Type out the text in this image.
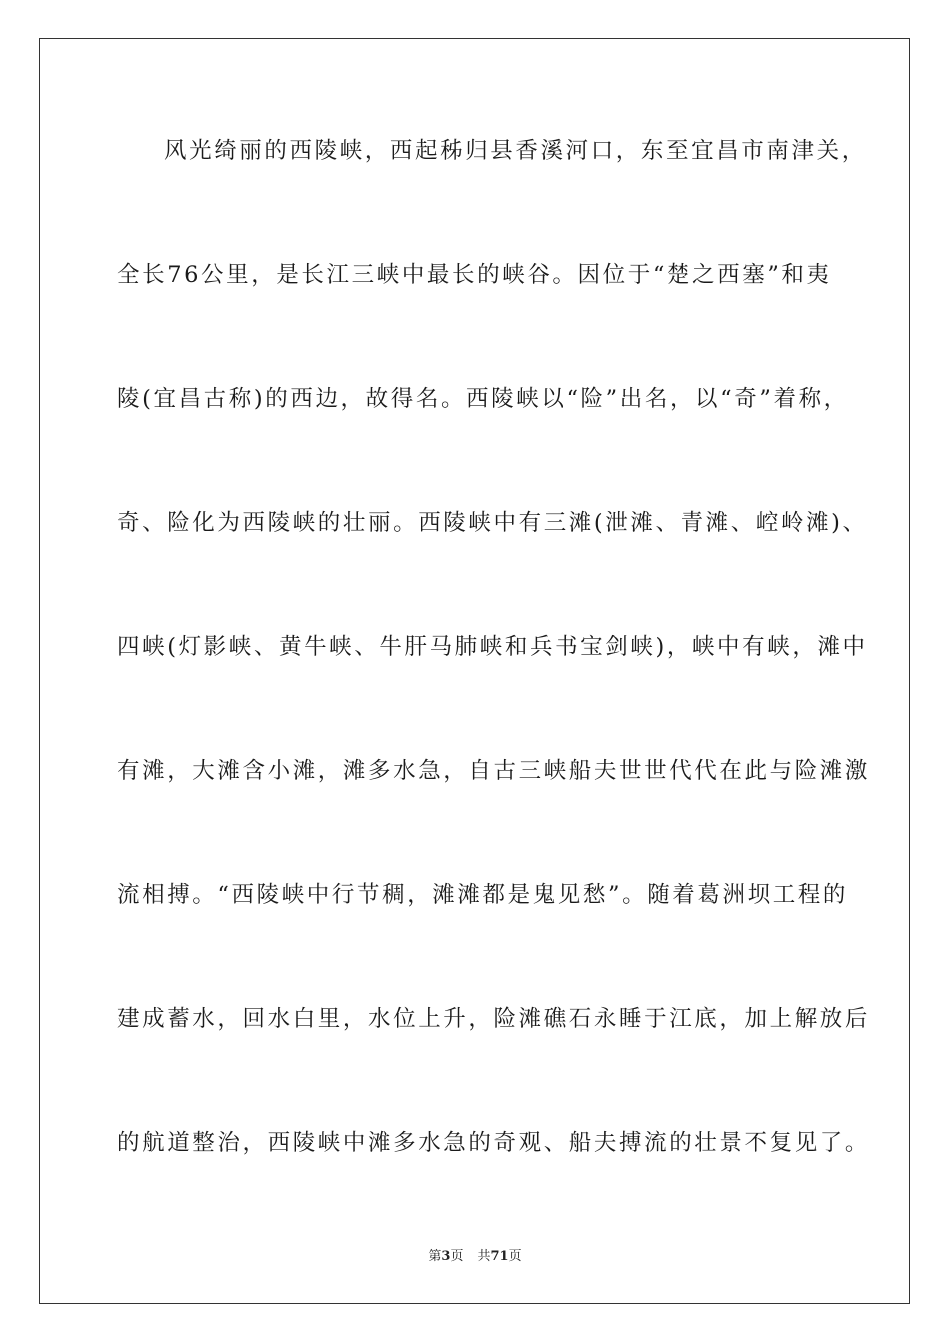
风光绮丽的西陵峡，西起秭归县香溪河口，东至宜昌市南津关，
全长76公里，是长江三峡中最长的峡谷。因位于“楚之西塞”和夷
陵(宜昌古称)的西边，故得名。西陵峡以“险”出名，以“奇”着称，
奇、险化为西陵峡的壮丽。西陵峡中有三滩(泄滩、青滩、崆岭滩)、
四峡(灯影峡、黄牛峡、牛肝马肺峡和兵书宝剑峡)，峡中有峡，滩中
有滩，大滩含小滩，滩多水急，自古三峡船夫世世代代在此与险滩激
流相搏。“西陵峡中行节稠，滩滩都是鬼见愁”。随着葛洲坝工程的
建成蓄水，回水白里，水位上升，险滩礁石永睡于江底，加上解放后
的航道整治，西陵峡中滩多水急的奇观、船夫搏流的壮景不复见了。
第3页 共71页
